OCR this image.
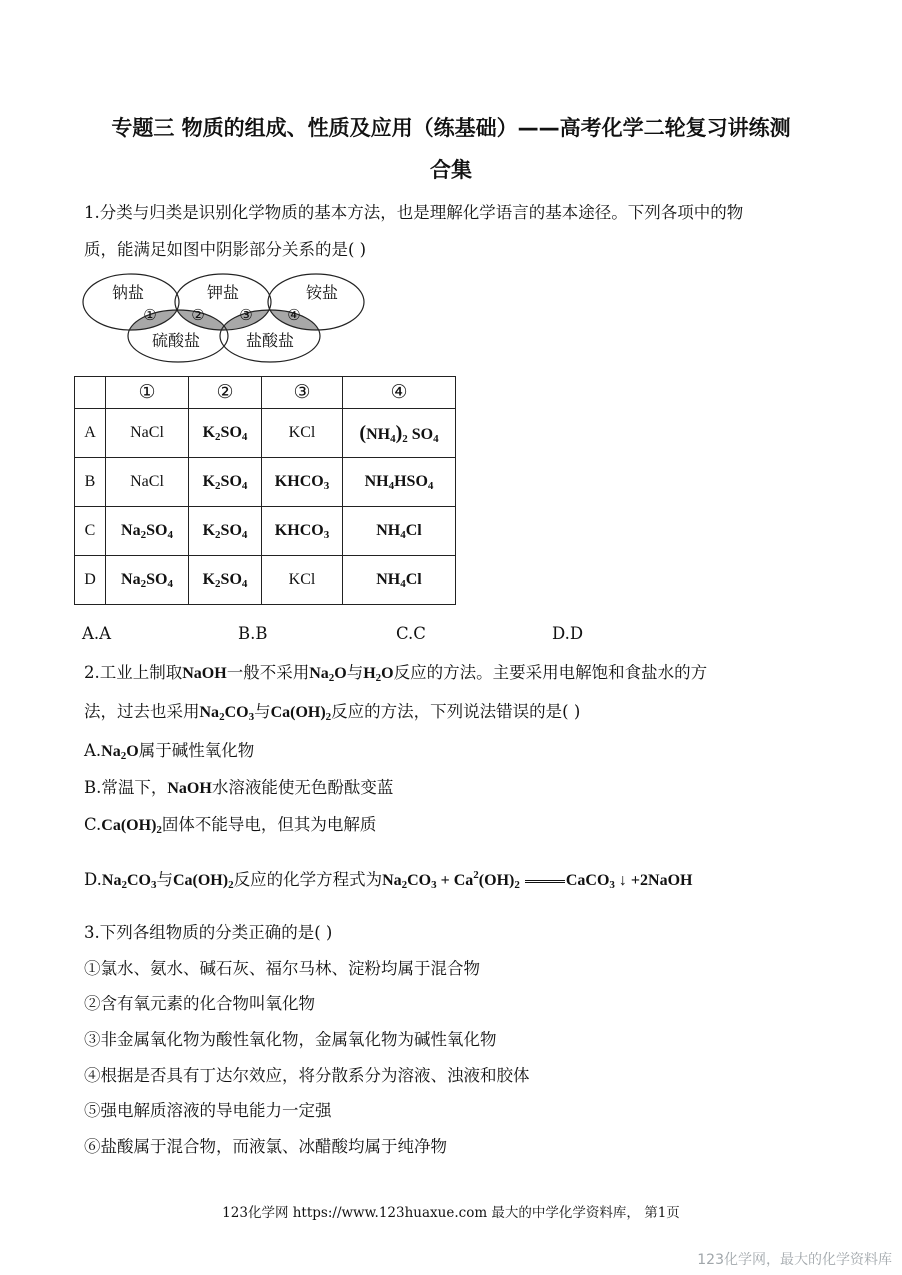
专题三 物质的组成、性质及应用（练基础）——高考化学二轮复习讲练测
合集
1.分类与归类是识别化学物质的基本方法，也是理解化学语言的基本途径。下列各项中的物
质，能满足如图中阴影部分关系的是( )
钠盐	钾盐	铵盐
硫酸盐	盐酸盐
① ② ③ ④
	①	②	③	④
A	NaCl	$K_2SO_4$	KCl	$(NH_4)_2$ $SO_4$
B	NaCl	$K_2SO_4$	$KHCO_3$	$NH_4HSO_4$
C	$Na_2SO_4$	$K_2SO_4$	$KHCO_3$	$NH_4Cl$
D	$Na_2SO_4$	$K_2SO_4$	KCl	$NH_4Cl$
A.A	B.B	C.C	D.D
2.工业上制取NaOH一般不采用$Na_2O$与$H_2O$反应的方法。主要采用电解饱和食盐水的方
法，过去也采用$Na_2CO_3$与$Ca(OH)_2$反应的方法，下列说法错误的是( )
$A.Na_2O$属于碱性氧化物
B.常温下，NaOH水溶液能使无色酚酞变蓝
$C.Ca(OH)_2$固体不能导电，但其为电解质
$D.Na_2CO_3$与$Ca(OH)_2$反应的化学方程式为$Na_2CO_3 + Ca^2(OH)_2$	CaCO$_3$ ↓ +2NaOH
3.下列各组物质的分类正确的是( )
①氯水、氨水、碱石灰、福尔马林、淀粉均属于混合物
②含有氧元素的化合物叫氧化物
③非金属氧化物为酸性氧化物，金属氧化物为碱性氧化物
④根据是否具有丁达尔效应，将分散系分为溶液、浊液和胶体
⑤强电解质溶液的导电能力一定强
⑥盐酸属于混合物，而液氯、冰醋酸均属于纯净物
123化学网 https://www.123huaxue.com 最大的中学化学资料库， 第1页
123化学网，最大的化学资料库
